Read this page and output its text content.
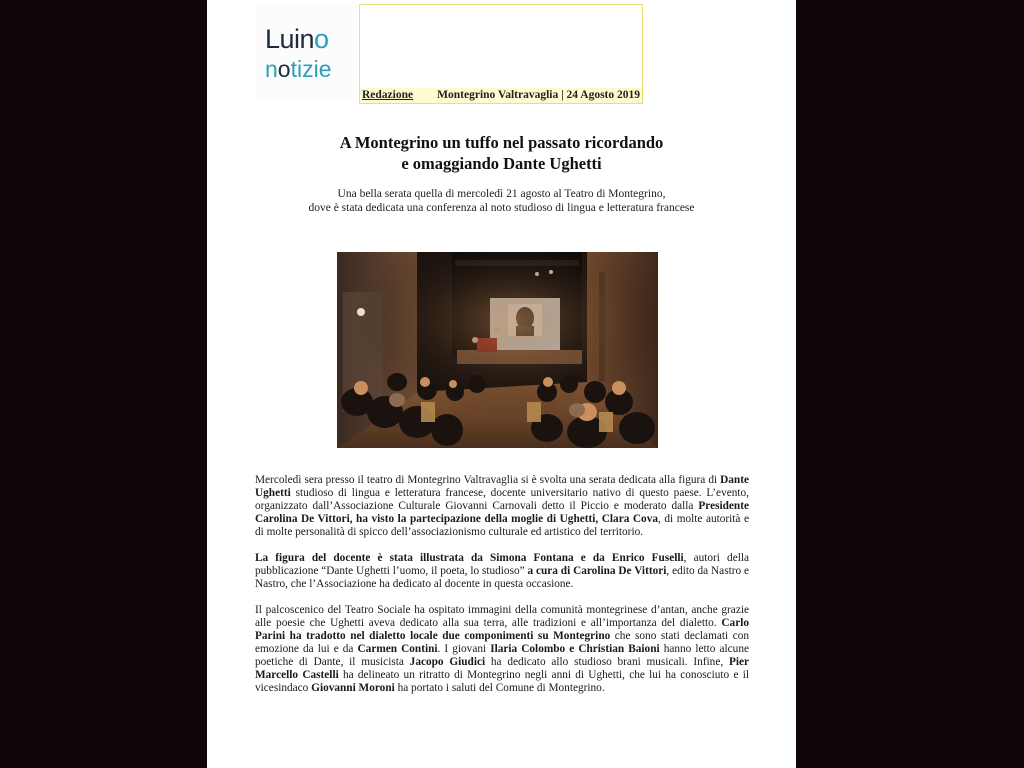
Luino
notizie
Redazione Montegrino Valtravaglia | 24 Agosto 2019
A Montegrino un tuffo nel passato ricordando
e omaggiando Dante Ughetti
Una bella serata quella di mercoledì 21 agosto al Teatro di Montegrino,
dove è stata dedicata una conferenza al noto studioso di lingua e letteratura francese

Mercoledì sera presso il teatro di Montegrino Valtravaglia si è svolta una serata dedicata alla figura di Dante Ughetti studioso di lingua e letteratura francese, docente universitario nativo di questo paese. L’evento, organizzato dall’Associazione Culturale Giovanni Carnovali detto il Piccio e moderato dalla Presidente Carolina De Vittori, ha visto la partecipazione della moglie di Ughetti, Clara Cova, di molte autorità e di molte personalità di spicco dell’associazionismo culturale ed artistico del territorio.

La figura del docente è stata illustrata da Simona Fontana e da Enrico Fuselli, autori della pubblicazione “Dante Ughetti l’uomo, il poeta, lo studioso” a cura di Carolina De Vittori, edito da Nastro e Nastro, che l’Associazione ha dedicato al docente in questa occasione.

Il palcoscenico del Teatro Sociale ha ospitato immagini della comunità montegrinese d’antan, anche grazie alle poesie che Ughetti aveva dedicato alla sua terra, alle tradizioni e all’importanza del dialetto. Carlo Parini ha tradotto nel dialetto locale due componimenti su Montegrino che sono stati declamati con emozione da lui e da Carmen Contini. I giovani Ilaria Colombo e Christian Baioni hanno letto alcune poetiche di Dante, il musicista Jacopo Giudici ha dedicato allo studioso brani musicali. Infine, Pier Marcello Castelli ha delineato un ritratto di Montegrino negli anni di Ughetti, che lui ha conosciuto e il vicesindaco Giovanni Moroni ha portato i saluti del Comune di Montegrino.
